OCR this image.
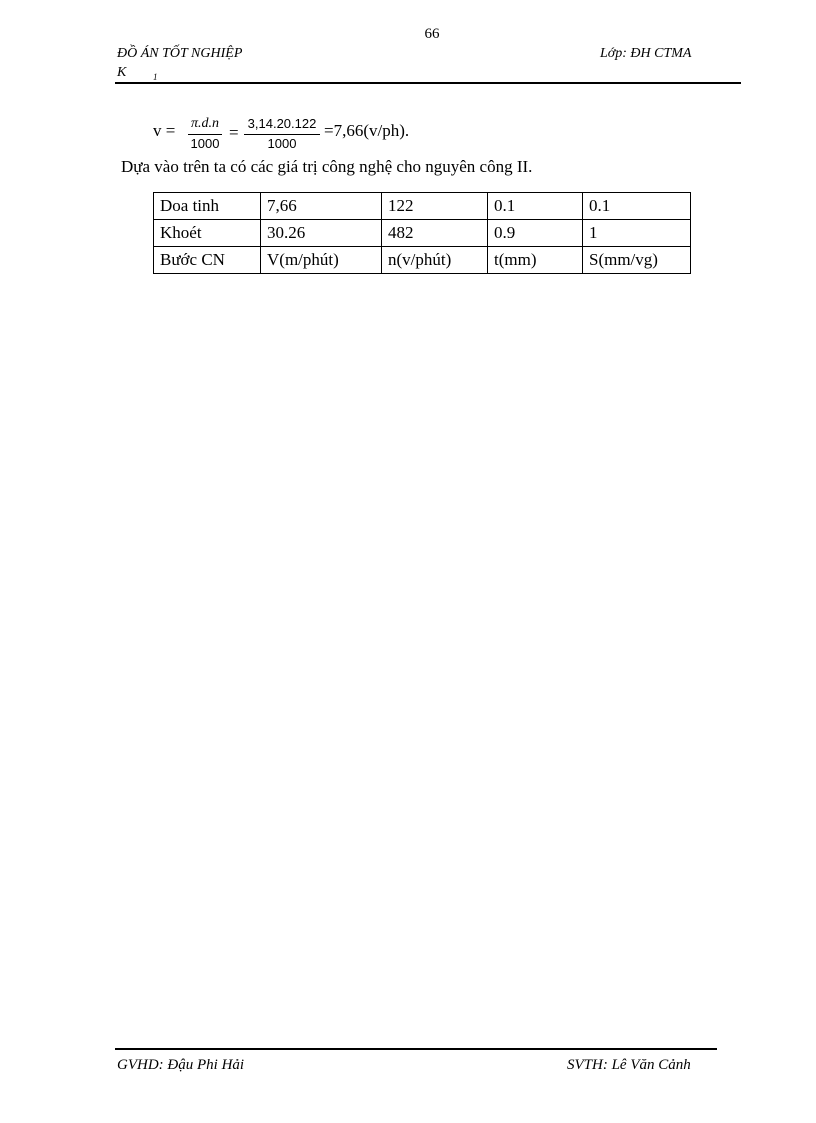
66
ĐỒ ÁN TỐT NGHIỆP
K	1
Lớp: ĐH CTMA
v = π.d.n
1000
= 3,14.20.122
1000
=7,66(v/ph).
Dựa vào trên ta có các giá trị công nghệ cho nguyên công II.
Doa tinh	7,66	122	0.1	0.1
Khoét	30.26	482	0.9	1
Bước CN	V(m/phút)	n(v/phút)	t(mm)	S(mm/vg)
GVHD: Đậu Phi Hải	SVTH: Lê Văn Cảnh
